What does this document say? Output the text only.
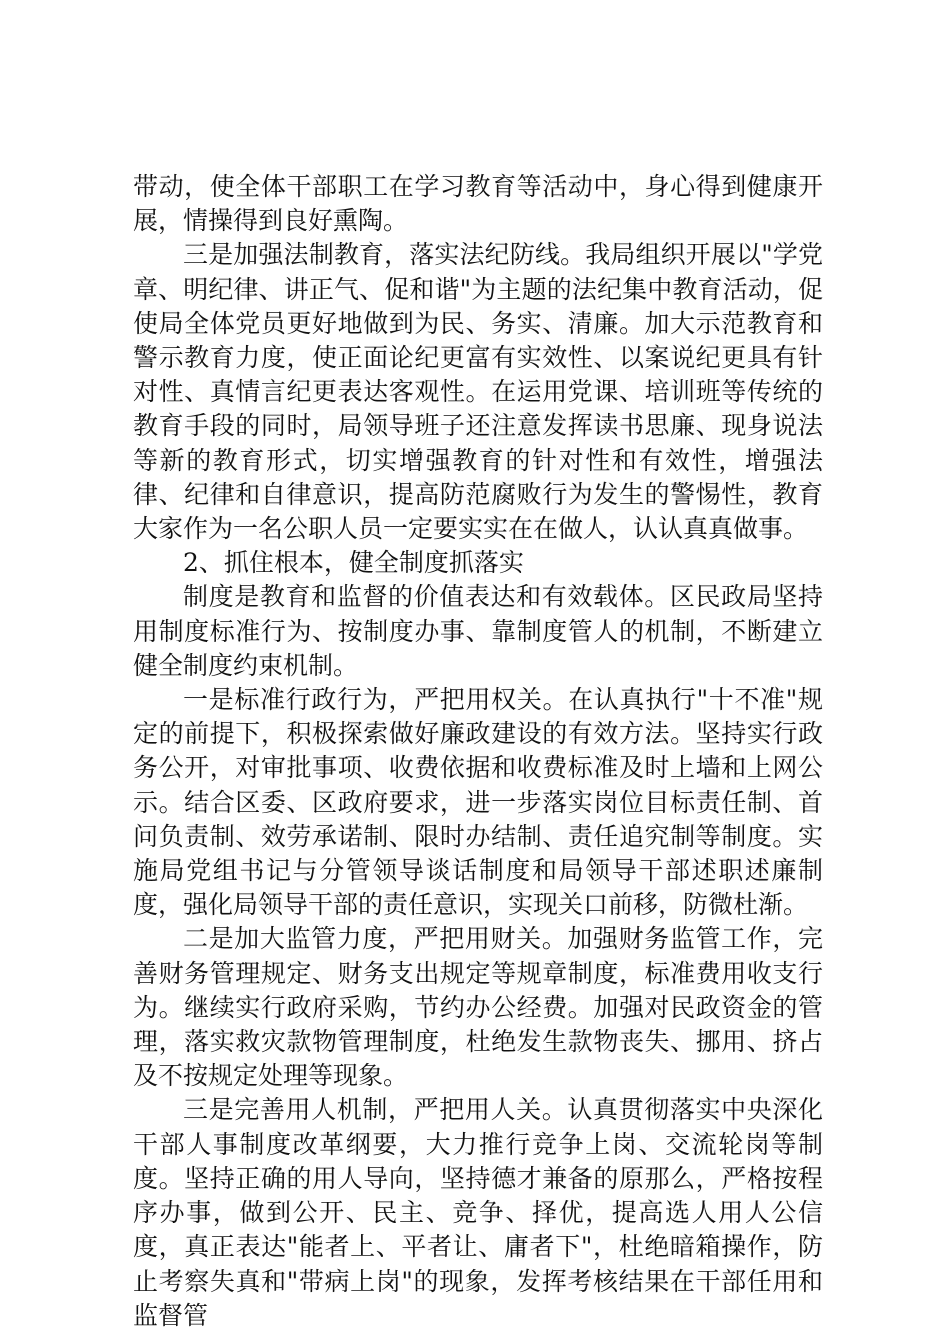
带动，使全体干部职工在学习教育等活动中，身心得到健康开展，情操得到良好熏陶。

三是加强法制教育，落实法纪防线。我局组织开展以"学党章、明纪律、讲正气、促和谐"为主题的法纪集中教育活动，促使局全体党员更好地做到为民、务实、清廉。加大示范教育和警示教育力度，使正面论纪更富有实效性、以案说纪更具有针对性、真情言纪更表达客观性。在运用党课、培训班等传统的教育手段的同时，局领导班子还注意发挥读书思廉、现身说法等新的教育形式，切实增强教育的针对性和有效性，增强法律、纪律和自律意识，提高防范腐败行为发生的警惕性，教育大家作为一名公职人员一定要实实在在做人，认认真真做事。

2、抓住根本，健全制度抓落实

制度是教育和监督的价值表达和有效载体。区民政局坚持用制度标准行为、按制度办事、靠制度管人的机制，不断建立健全制度约束机制。

一是标准行政行为，严把用权关。在认真执行"十不准"规定的前提下，积极探索做好廉政建设的有效方法。坚持实行政务公开，对审批事项、收费依据和收费标准及时上墙和上网公示。结合区委、区政府要求，进一步落实岗位目标责任制、首问负责制、效劳承诺制、限时办结制、责任追究制等制度。实施局党组书记与分管领导谈话制度和局领导干部述职述廉制度，强化局领导干部的责任意识，实现关口前移，防微杜渐。

二是加大监管力度，严把用财关。加强财务监管工作，完善财务管理规定、财务支出规定等规章制度，标准费用收支行为。继续实行政府采购，节约办公经费。加强对民政资金的管理，落实救灾款物管理制度，杜绝发生款物丧失、挪用、挤占及不按规定处理等现象。

三是完善用人机制，严把用人关。认真贯彻落实中央深化干部人事制度改革纲要，大力推行竞争上岗、交流轮岗等制度。坚持正确的用人导向，坚持德才兼备的原那么，严格按程序办事，做到公开、民主、竞争、择优，提高选人用人公信度，真正表达"能者上、平者让、庸者下"，杜绝暗箱操作，防止考察失真和"带病上岗"的现象，发挥考核结果在干部任用和监督管
